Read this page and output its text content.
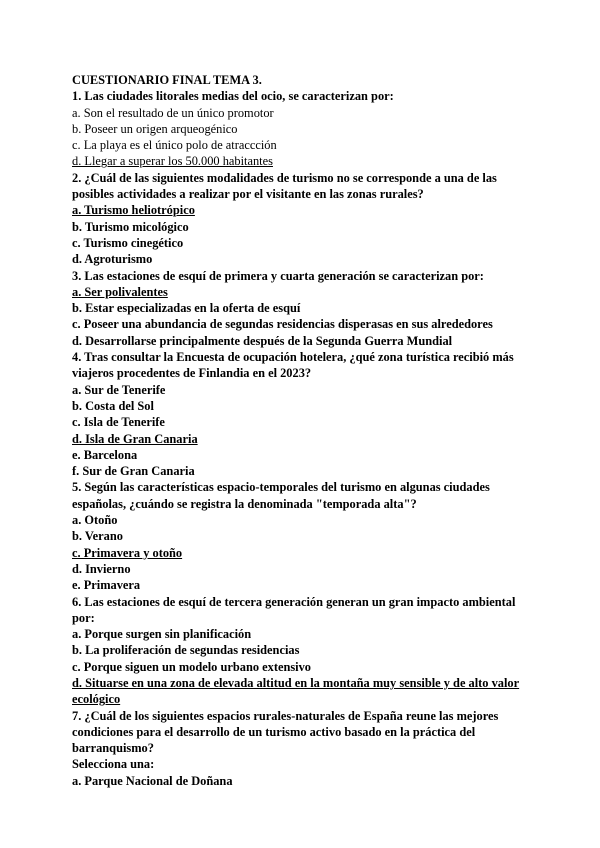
CUESTIONARIO FINAL TEMA 3.
1. Las ciudades litorales medias del ocio, se caracterizan por:
a. Son el resultado de un único promotor
b. Poseer un origen arqueogénico
c. La playa es el único polo de atraccción
d. Llegar a superar los 50.000 habitantes
2. ¿Cuál de las siguientes modalidades de turismo no se corresponde a una de las
posibles actividades a realizar por el visitante en las zonas rurales?
a. Turismo heliotrópico
b. Turismo micológico
c. Turismo cinegético
d. Agroturismo
3. Las estaciones de esquí de primera y cuarta generación se caracterizan por:
a. Ser polivalentes
b. Estar especializadas en la oferta de esquí
c. Poseer una abundancia de segundas residencias disperasas en sus alrededores
d. Desarrollarse principalmente después de la Segunda Guerra Mundial
4. Tras consultar la Encuesta de ocupación hotelera, ¿qué zona turística recibió más
viajeros procedentes de Finlandia en el 2023?
a. Sur de Tenerife
b. Costa del Sol
c. Isla de Tenerife
d. Isla de Gran Canaria
e. Barcelona
f. Sur de Gran Canaria
5. Según las características espacio-temporales del turismo en algunas ciudades
españolas, ¿cuándo se registra la denominada "temporada alta"?
a. Otoño
b. Verano
c. Primavera y otoño
d. Invierno
e. Primavera
6. Las estaciones de esquí de tercera generación generan un gran impacto ambiental
por:
a. Porque surgen sin planificación
b. La proliferación de segundas residencias
c. Porque siguen un modelo urbano extensivo
d. Situarse en una zona de elevada altitud en la montaña muy sensible y de alto valor
ecológico
7. ¿Cuál de los siguientes espacios rurales-naturales de España reune las mejores
condiciones para el desarrollo de un turismo activo basado en la práctica del
barranquismo?
Selecciona una:
a. Parque Nacional de Doñana
